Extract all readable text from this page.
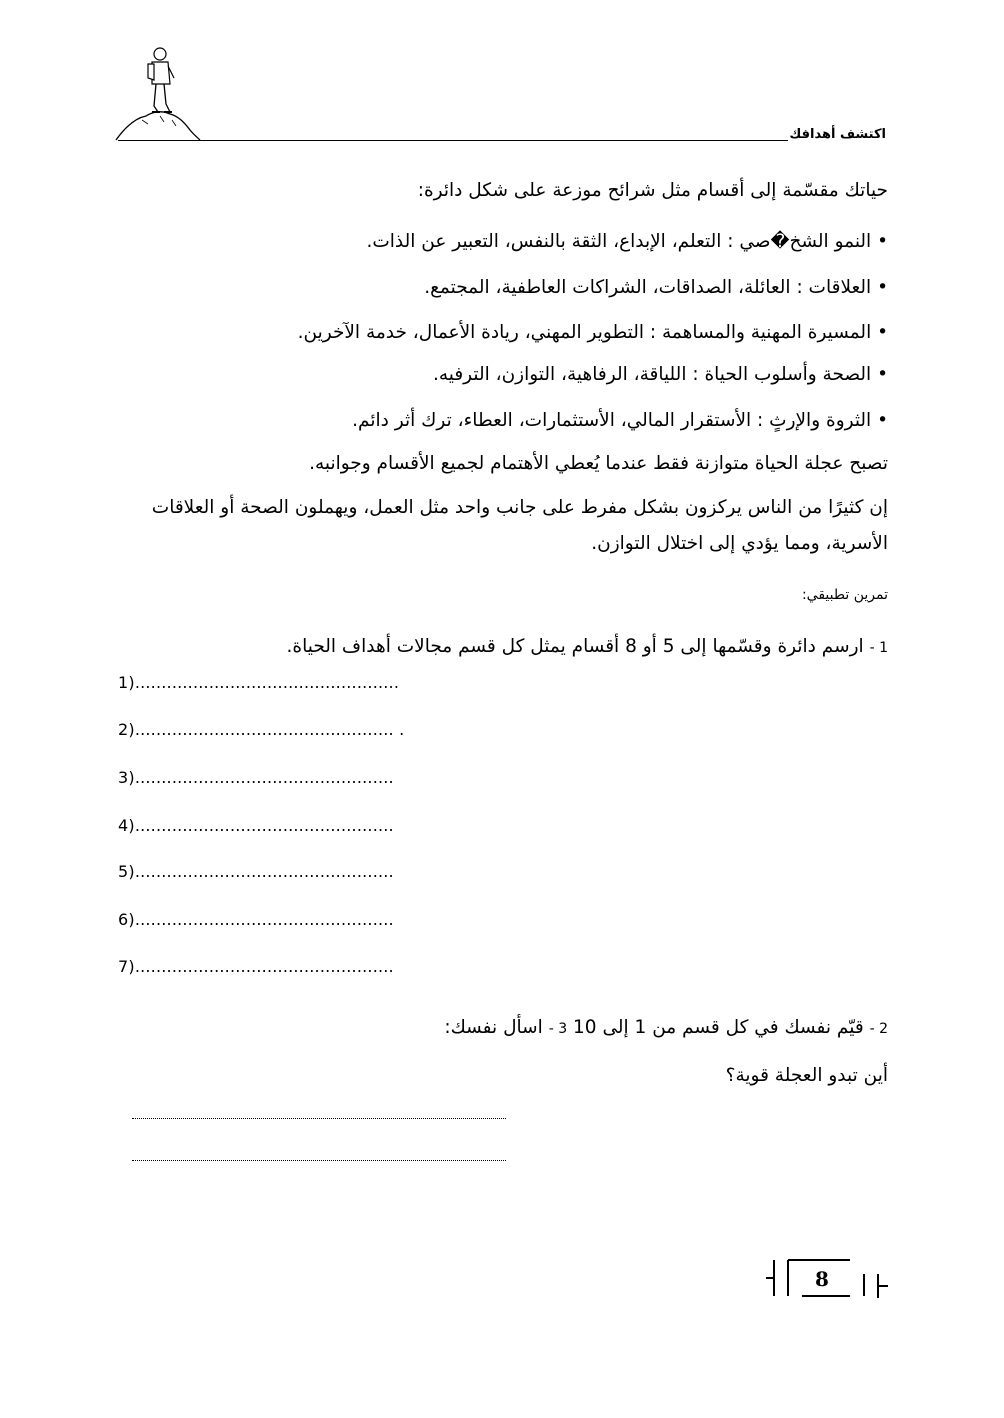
اكتشف أهدافك
حياتك مقسّمة إلى أقسام مثل شرائح موزعة على شكل دائرة:
• النمو الشخ�صي : التعلم، الإبداع، الثقة بالنفس، التعبير عن الذات.
• العلاقات : العائلة، الصداقات، الشراكات العاطفية، المجتمع.
• المسيرة المهنية والمساهمة : التطوير المهني، ريادة الأعمال، خدمة الآخرين.
• الصحة وأسلوب الحياة : اللياقة، الرفاهية، التوازن، الترفيه.
• الثروة والإرثٍ : الأستقرار المالي، الأستثمارات، العطاء، ترك أثر دائم.
تصبح عجلة الحياة متوازنة فقط عندما يُعطي الأهتمام لجميع الأقسام وجوانبه.
إن كثيرًا من الناس يركزون بشكل مفرط على جانب واحد مثل العمل، ويهملون الصحة أو العلاقات الأسرية، ومما يؤدي إلى اختلال التوازن.
تمرين تطبيقي:
1 - ارسم دائرة وقسّمها إلى 5 أو 8 أقسام يمثل كل قسم مجالات أهداف الحياة.
1)..................................................
2)................................................. .
3).................................................
4).................................................
5).................................................
6).................................................
7).................................................
2 - قيّم نفسك في كل قسم من 1 إلى 10 3 - اسأل نفسك:
أين تبدو العجلة قوية؟
8
